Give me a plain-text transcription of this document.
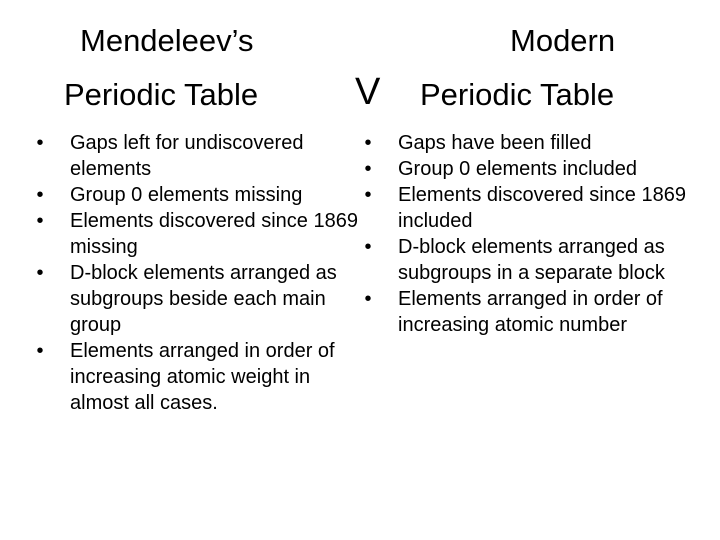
Mendeleev’s
Periodic Table	V
Modern
Periodic Table
•	Gaps left for undiscovered elements
•	Group 0 elements missing
•	Elements discovered since 1869 missing
•	D-block elements arranged as subgroups beside each main group
•	Elements arranged in order of increasing atomic weight in almost all cases.
•	Gaps have been filled
•	Group 0 elements included
•	Elements discovered since 1869 included
•	D-block elements arranged as subgroups in a separate block
•	Elements arranged in order of increasing atomic number
